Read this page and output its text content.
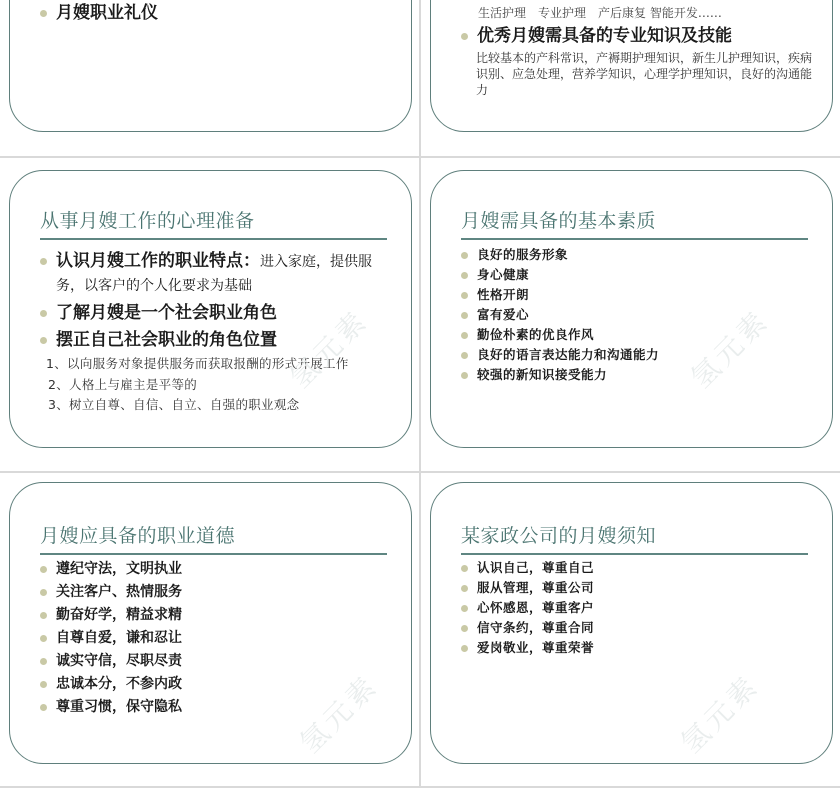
月嫂职业礼仪	生活护理　专业护理　产后康复 智能开发……
优秀月嫂需具备的专业知识及技能
比较基本的产科常识，产褥期护理知识，新生儿护理知识，疾病识别、应急处理，营养学知识，心理学护理知识，良好的沟通能力
从事月嫂工作的心理准备
认识月嫂工作的职业特点：进入家庭，提供服务，以客户的个人化要求为基础
了解月嫂是一个社会职业角色
摆正自己社会职业的角色位置
1、以向服务对象提供服务而获取报酬的形式开展工作
2、人格上与雇主是平等的
3、树立自尊、自信、自立、自强的职业观念
氢元素
月嫂需具备的基本素质
良好的服务形象
身心健康
性格开朗
富有爱心
勤俭朴素的优良作风
良好的语言表达能力和沟通能力
较强的新知识接受能力	氢元素
月嫂应具备的职业道德
遵纪守法，文明执业
关注客户、热情服务
勤奋好学，精益求精
自尊自爱，谦和忍让
诚实守信，尽职尽责
忠诚本分，不参内政
尊重习惯，保守隐私	氢元素
某家政公司的月嫂须知
认识自己，尊重自己
服从管理，尊重公司
心怀感恩，尊重客户
信守条约，尊重合同
爱岗敬业，尊重荣誉
氢元素
